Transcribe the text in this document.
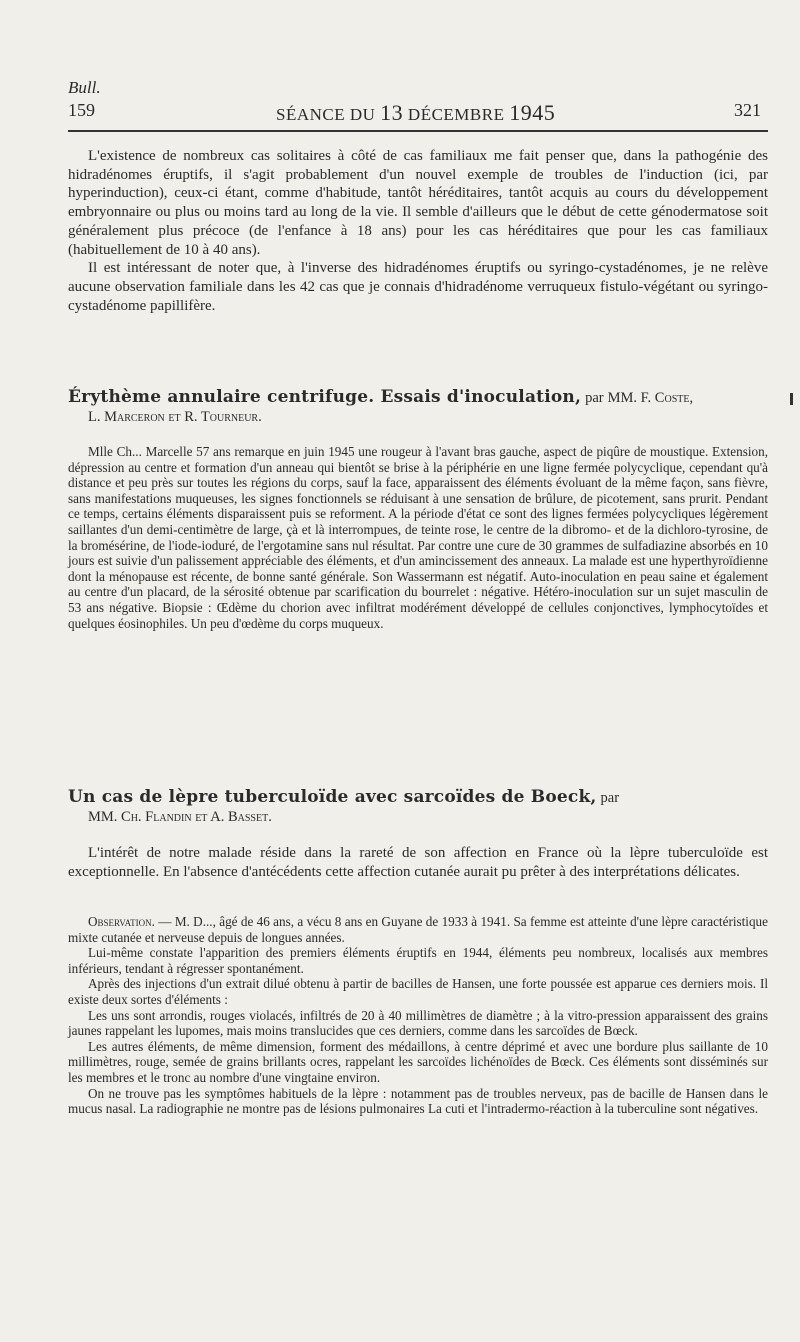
Bull.
159	SÉANCE DU 13 DÉCEMBRE 1945	321

L'existence de nombreux cas solitaires à côté de cas familiaux me fait penser que, dans la pathogénie des hidradénomes éruptifs, il s'agit probablement d'un nouvel exemple de troubles de l'induction (ici, par hyperinduction), ceux-ci étant, comme d'habitude, tantôt héréditaires, tantôt acquis au cours du développement embryonnaire ou plus ou moins tard au long de la vie. Il semble d'ailleurs que le début de cette génodermatose soit généralement plus précoce (de l'enfance à 18 ans) pour les cas héréditaires que pour les cas familiaux (habituellement de 10 à 40 ans).

Il est intéressant de noter que, à l'inverse des hidradénomes éruptifs ou syringo-cystadénomes, je ne relève aucune observation familiale dans les 42 cas que je connais d'hidradénome verruqueux fistulo-végétant ou syringo-cystadénome papillifère.

Érythème annulaire centrifuge. Essais d'inoculation, par MM. F. Coste,
L. Marceron et R. Tourneur.

Mlle Ch... Marcelle 57 ans remarque en juin 1945 une rougeur à l'avant bras gauche, aspect de piqûre de moustique. Extension, dépression au centre et formation d'un anneau qui bientôt se brise à la périphérie en une ligne fermée polycyclique, cependant qu'à distance et peu près sur toutes les régions du corps, sauf la face, apparaissent des éléments évoluant de la même façon, sans fièvre, sans manifestations muqueuses, les signes fonctionnels se réduisant à une sensation de brûlure, de picotement, sans prurit. Pendant ce temps, certains éléments disparaissent puis se reforment. A la période d'état ce sont des lignes fermées polycycliques légèrement saillantes d'un demi-centimètre de large, çà et là interrompues, de teinte rose, le centre de la dibromo- et de la dichloro-tyrosine, de la bromésérine, de l'iode-ioduré, de l'ergotamine sans nul résultat. Par contre une cure de 30 grammes de sulfadiazine absorbés en 10 jours est suivie d'un palissement appréciable des éléments, et d'un amincissement des anneaux. La malade est une hyperthyroïdienne dont la ménopause est récente, de bonne santé générale. Son Wassermann est négatif. Auto-inoculation en peau saine et également au centre d'un placard, de la sérosité obtenue par scarification du bourrelet : négative. Hétéro-inoculation sur un sujet masculin de 53 ans négative. Biopsie : Œdème du chorion avec infiltrat modérément développé de cellules conjonctives, lymphocytoïdes et quelques éosinophiles. Un peu d'œdème du corps muqueux.

Un cas de lèpre tuberculoïde avec sarcoïdes de Boeck, par
MM. Ch. Flandin et A. Basset.

L'intérêt de notre malade réside dans la rareté de son affection en France où la lèpre tuberculoïde est exceptionnelle. En l'absence d'antécédents cette affection cutanée aurait pu prêter à des interprétations délicates.

Observation. — M. D..., âgé de 46 ans, a vécu 8 ans en Guyane de 1933 à 1941. Sa femme est atteinte d'une lèpre caractéristique mixte cutanée et nerveuse depuis de longues années.

Lui-même constate l'apparition des premiers éléments éruptifs en 1944, éléments peu nombreux, localisés aux membres inférieurs, tendant à régresser spontanément.

Après des injections d'un extrait dilué obtenu à partir de bacilles de Hansen, une forte poussée est apparue ces derniers mois. Il existe deux sortes d'éléments :

Les uns sont arrondis, rouges violacés, infiltrés de 20 à 40 millimètres de diamètre ; à la vitro-pression apparaissent des grains jaunes rappelant les lupomes, mais moins translucides que ces derniers, comme dans les sarcoïdes de Bœck.

Les autres éléments, de même dimension, forment des médaillons, à centre déprimé et avec une bordure plus saillante de 10 millimètres, rouge, semée de grains brillants ocres, rappelant les sarcoïdes lichénoïdes de Bœck. Ces éléments sont disséminés sur les membres et le tronc au nombre d'une vingtaine environ.

On ne trouve pas les symptômes habituels de la lèpre : notamment pas de troubles nerveux, pas de bacille de Hansen dans le mucus nasal. La radiographie ne montre pas de lésions pulmonaires La cuti et l'intradermo-réaction à la tuberculine sont négatives.
